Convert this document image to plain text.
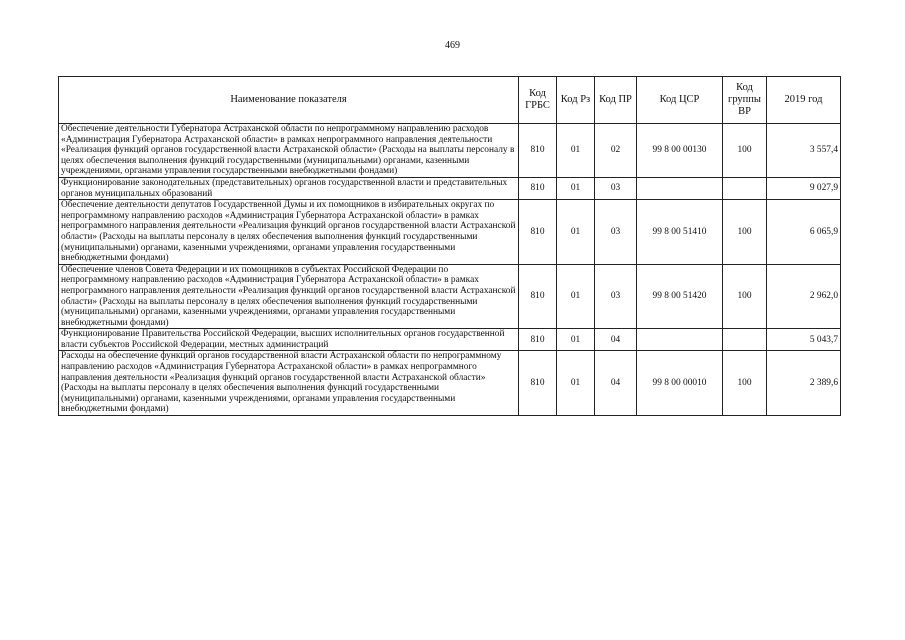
469
Наименование показателя	Код ГРБС	Код Рз	Код ПР	Код ЦСР	Код группы ВР	2019 год
Обеспечение деятельности Губернатора Астраханской области по непрограммному направлению расходов «Администрация Губернатора Астраханской области» в рамках непрограммного направления деятельности «Реализация функций органов государственной власти Астраханской области» (Расходы на выплаты персоналу в целях обеспечения выполнения функций государственными (муниципальными) органами, казенными учреждениями, органами управления государственными внебюджетными фондами)	810	01	02	99 8 00 00130	100	3 557,4
Функционирование законодательных (представительных) органов государственной власти и представительных органов муниципальных образований	810	01	03			9 027,9
Обеспечение деятельности депутатов Государственной Думы и их помощников в избирательных округах по непрограммному направлению расходов «Администрация Губернатора Астраханской области» в рамках непрограммного направления деятельности «Реализация функций органов государственной власти Астраханской области» (Расходы на выплаты персоналу в целях обеспечения выполнения функций государственными (муниципальными) органами, казенными учреждениями, органами управления государственными внебюджетными фондами)	810	01	03	99 8 00 51410	100	6 065,9
Обеспечение членов Совета Федерации и их помощников в субъектах Российской Федерации по непрограммному направлению расходов «Администрация Губернатора Астраханской области» в рамках непрограммного направления деятельности «Реализация функций органов государственной власти Астраханской области» (Расходы на выплаты персоналу в целях обеспечения выполнения функций государственными (муниципальными) органами, казенными учреждениями, органами управления государственными внебюджетными фондами)	810	01	03	99 8 00 51420	100	2 962,0
Функционирование Правительства Российской Федерации, высших исполнительных органов государственной власти субъектов Российской Федерации, местных администраций	810	01	04			5 043,7
Расходы на обеспечение функций органов государственной власти Астраханской области по непрограммному направлению расходов «Администрация Губернатора Астраханской области» в рамках непрограммного направления деятельности «Реализация функций органов государственной власти Астраханской области» (Расходы на выплаты персоналу в целях обеспечения выполнения функций государственными (муниципальными) органами, казенными учреждениями, органами управления государственными внебюджетными фондами)	810	01	04	99 8 00 00010	100	2 389,6
